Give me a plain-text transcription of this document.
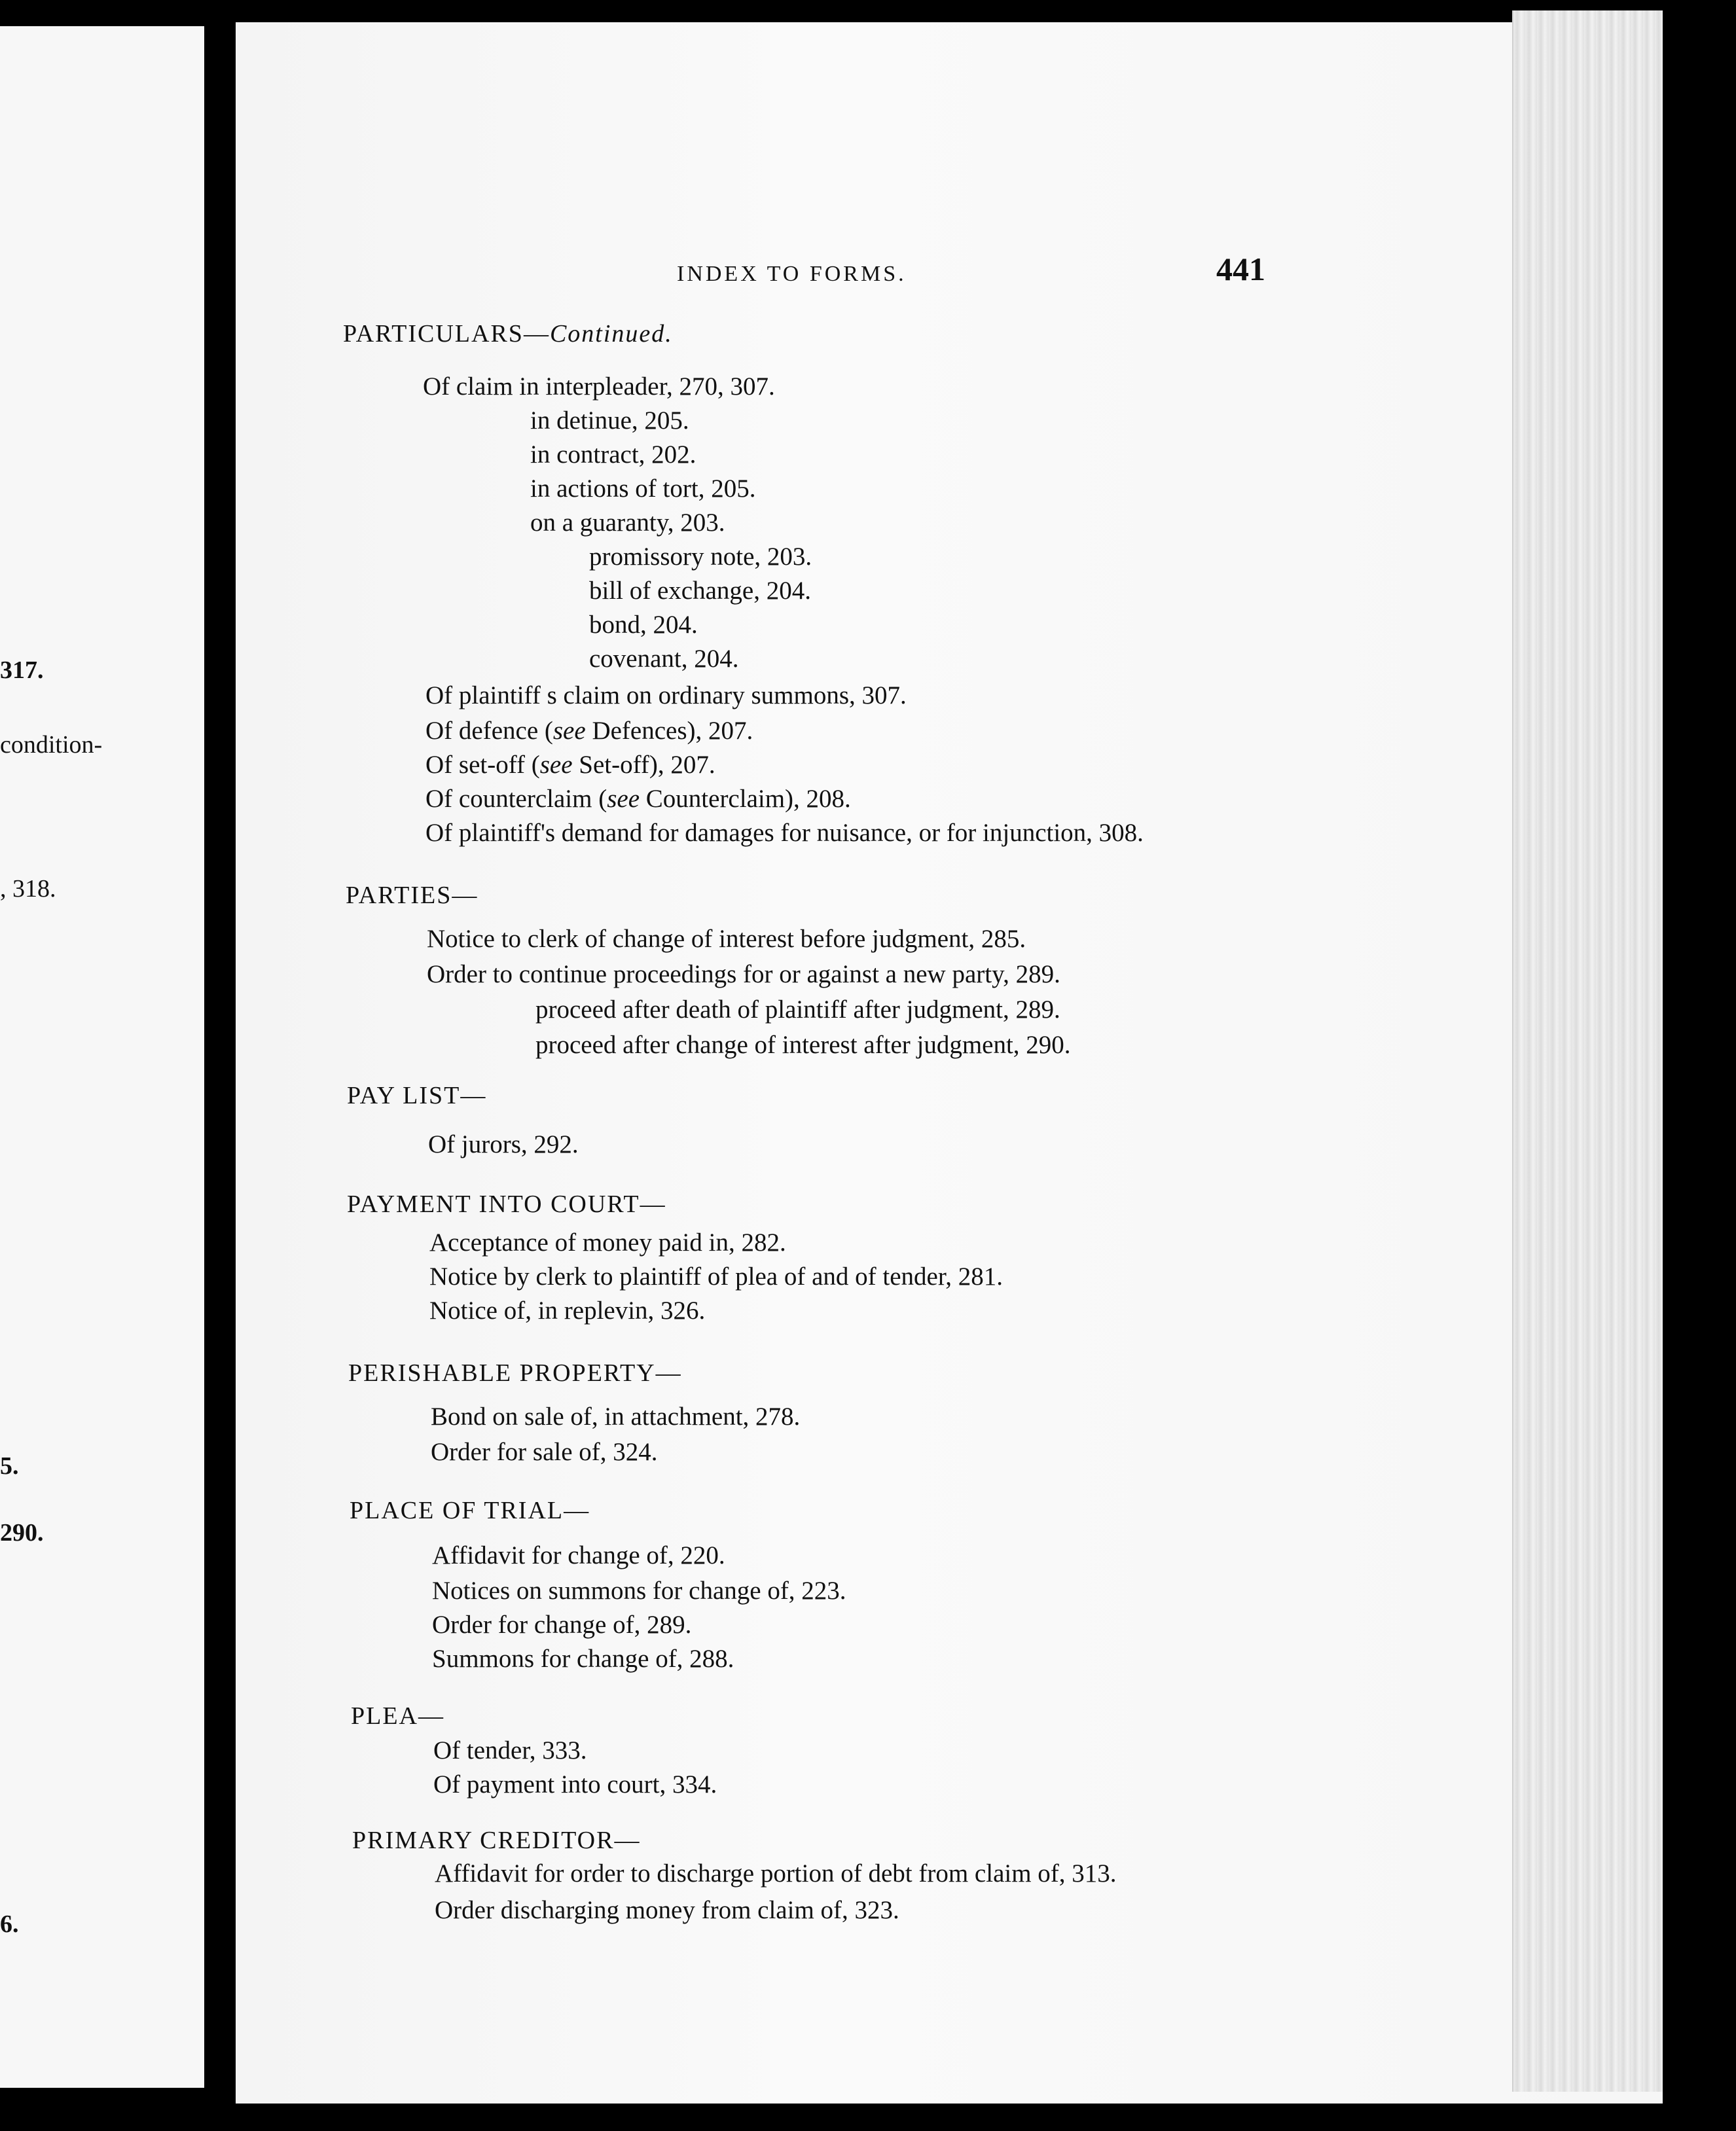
317.
condition-
, 318.
5.
290.
6.
INDEX TO FORMS.	441
PARTICULARS—Continued.
Of claim in interpleader, 270, 307.
in detinue, 205.
in contract, 202.
in actions of tort, 205.
on a guaranty, 203.
promissory note, 203.
bill of exchange, 204.
bond, 204.
covenant, 204.
Of plaintiff s claim on ordinary summons, 307.
Of defence (see Defences), 207.
Of set-off (see Set-off), 207.
Of counterclaim (see Counterclaim), 208.
Of plaintiff's demand for damages for nuisance, or for injunction, 308.
PARTIES—
Notice to clerk of change of interest before judgment, 285.
Order to continue proceedings for or against a new party, 289.
proceed after death of plaintiff after judgment, 289.
proceed after change of interest after judgment, 290.
PAY LIST—
Of jurors, 292.
PAYMENT INTO COURT—
Acceptance of money paid in, 282.
Notice by clerk to plaintiff of plea of and of tender, 281.
Notice of, in replevin, 326.
PERISHABLE PROPERTY—
Bond on sale of, in attachment, 278.
Order for sale of, 324.
PLACE OF TRIAL—
Affidavit for change of, 220.
Notices on summons for change of, 223.
Order for change of, 289.
Summons for change of, 288.
PLEA—
Of tender, 333.
Of payment into court, 334.
PRIMARY CREDITOR—
Affidavit for order to discharge portion of debt from claim of, 313.
Order discharging money from claim of, 323.
